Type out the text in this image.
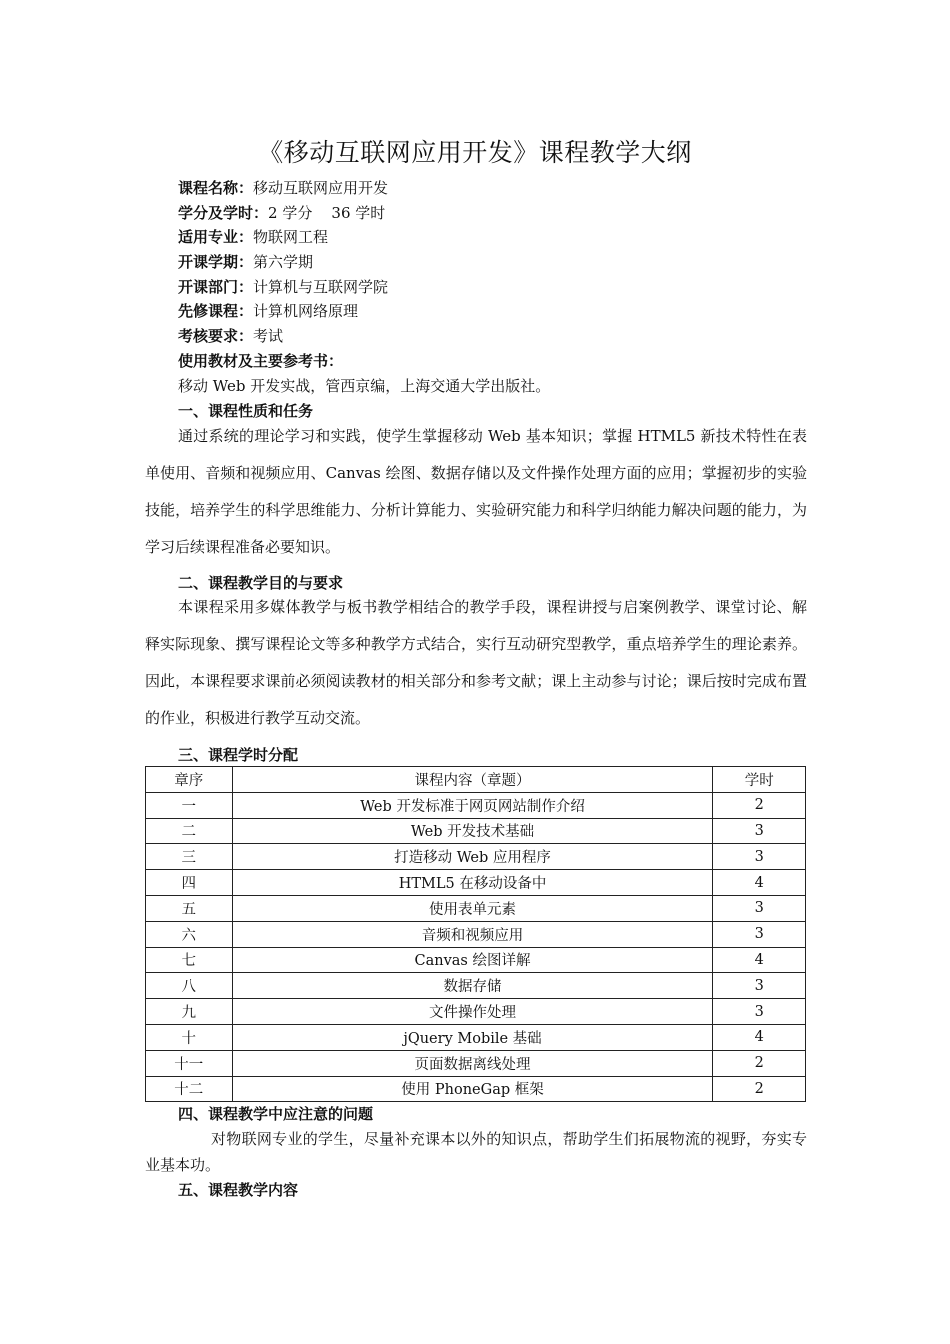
《移动互联网应用开发》课程教学大纲
课程名称：移动互联网应用开发
学分及学时：2 学分    36 学时
适用专业：物联网工程
开课学期：第六学期
开课部门：计算机与互联网学院
先修课程：计算机网络原理
考核要求：考试
使用教材及主要参考书：
移动 Web 开发实战，管西京编，上海交通大学出版社。
一、课程性质和任务

通过系统的理论学习和实践，使学生掌握移动 Web 基本知识；掌握 HTML5 新技术特性在表单使用、音频和视频应用、Canvas 绘图、数据存储以及文件操作处理方面的应用；掌握初步的实验技能，培养学生的科学思维能力、分析计算能力、实验研究能力和科学归纳能力解决问题的能力，为学习后续课程准备必要知识。

二、课程教学目的与要求

本课程采用多媒体教学与板书教学相结合的教学手段，课程讲授与启案例教学、课堂讨论、解释实际现象、撰写课程论文等多种教学方式结合，实行互动研究型教学，重点培养学生的理论素养。因此，本课程要求课前必须阅读教材的相关部分和参考文献；课上主动参与讨论；课后按时完成布置的作业，积极进行教学互动交流。

三、课程学时分配
章序	课程内容（章题）	学时
一	Web 开发标准于网页网站制作介绍	2
二	Web 开发技术基础	3
三	打造移动 Web 应用程序	3
四	HTML5 在移动设备中	4
五	使用表单元素	3
六	音频和视频应用	3
七	Canvas 绘图详解	4
八	数据存储	3
九	文件操作处理	3
十	jQuery Mobile 基础	4
十一	页面数据离线处理	2
十二	使用 PhoneGap 框架	2
四、课程教学中应注意的问题

对物联网专业的学生，尽量补充课本以外的知识点，帮助学生们拓展物流的视野，夯实专业基本功。

五、课程教学内容
